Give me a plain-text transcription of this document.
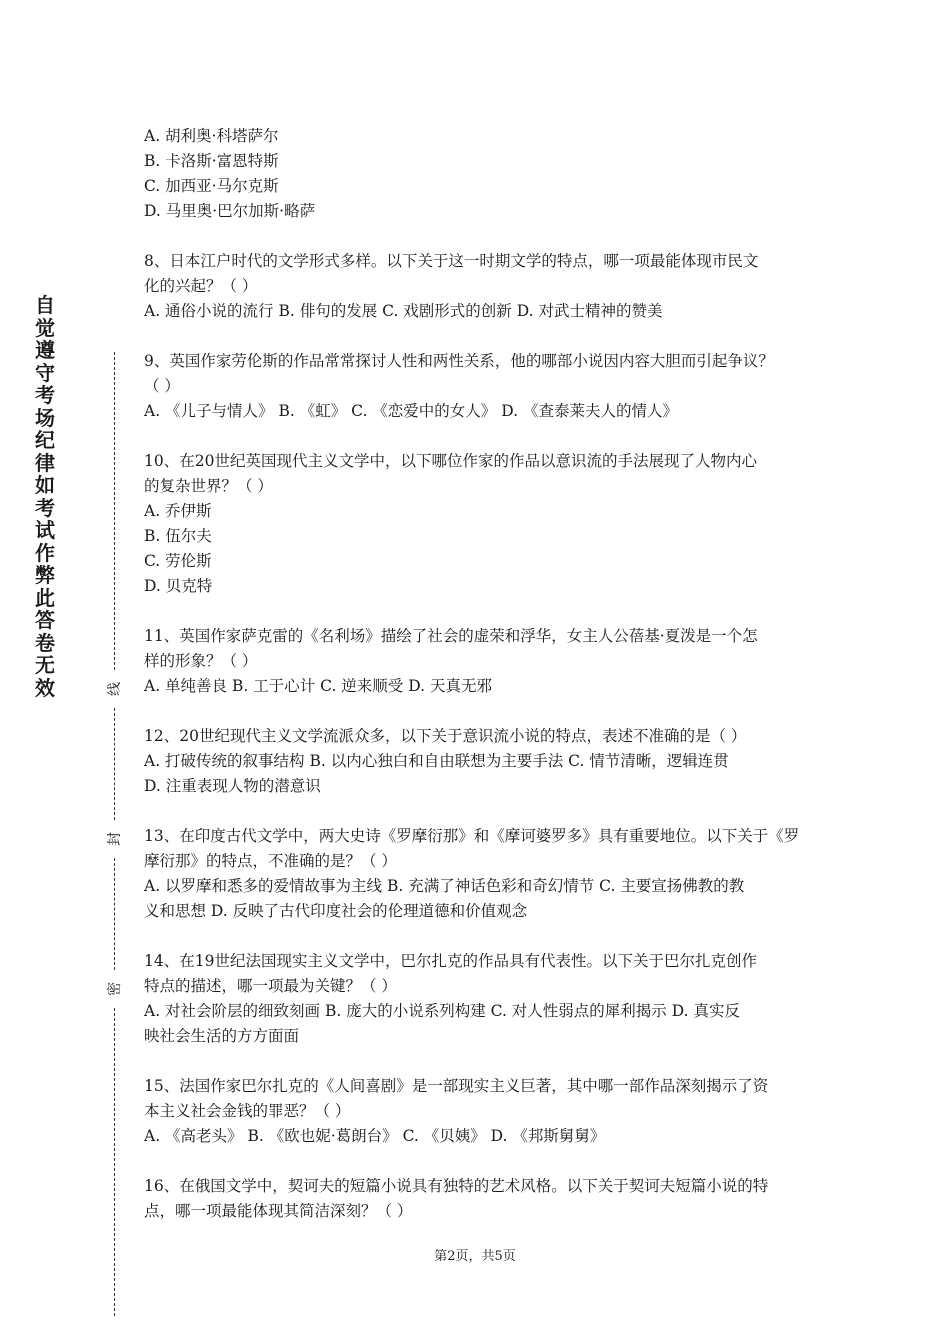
自
觉
遵
守
考
场
纪
律
如
考
试
作
弊
此
答
卷
无
效	线
封
密
A. 胡利奥·科塔萨尔
B. 卡洛斯·富恩特斯
C. 加西亚·马尔克斯
D. 马里奥·巴尔加斯·略萨
8、日本江户时代的文学形式多样。以下关于这一时期文学的特点，哪一项最能体现市民文
化的兴起？（ ）
A. 通俗小说的流行 B. 俳句的发展 C. 戏剧形式的创新 D. 对武士精神的赞美
9、英国作家劳伦斯的作品常常探讨人性和两性关系，他的哪部小说因内容大胆而引起争议？
（ ）
A. 《儿子与情人》 B. 《虹》 C. 《恋爱中的女人》 D. 《查泰莱夫人的情人》
10、在20世纪英国现代主义文学中，以下哪位作家的作品以意识流的手法展现了人物内心
的复杂世界？（ ）
A. 乔伊斯
B. 伍尔夫
C. 劳伦斯
D. 贝克特
11、英国作家萨克雷的《名利场》描绘了社会的虚荣和浮华，女主人公蓓基·夏泼是一个怎
样的形象？（ ）
A. 单纯善良 B. 工于心计 C. 逆来顺受 D. 天真无邪
12、20世纪现代主义文学流派众多，以下关于意识流小说的特点，表述不准确的是（ ）
A. 打破传统的叙事结构 B. 以内心独白和自由联想为主要手法 C. 情节清晰，逻辑连贯
D. 注重表现人物的潜意识
13、在印度古代文学中，两大史诗《罗摩衍那》和《摩诃婆罗多》具有重要地位。以下关于《罗
摩衍那》的特点，不准确的是？（ ）
A. 以罗摩和悉多的爱情故事为主线 B. 充满了神话色彩和奇幻情节 C. 主要宣扬佛教的教
义和思想 D. 反映了古代印度社会的伦理道德和价值观念
14、在19世纪法国现实主义文学中，巴尔扎克的作品具有代表性。以下关于巴尔扎克创作
特点的描述，哪一项最为关键？（ ）
A. 对社会阶层的细致刻画 B. 庞大的小说系列构建 C. 对人性弱点的犀利揭示 D. 真实反
映社会生活的方方面面
15、法国作家巴尔扎克的《人间喜剧》是一部现实主义巨著，其中哪一部作品深刻揭示了资
本主义社会金钱的罪恶？（ ）
A. 《高老头》 B. 《欧也妮·葛朗台》 C. 《贝姨》 D. 《邦斯舅舅》
16、在俄国文学中，契诃夫的短篇小说具有独特的艺术风格。以下关于契诃夫短篇小说的特
点，哪一项最能体现其简洁深刻？（ ）
第2页，共5页
